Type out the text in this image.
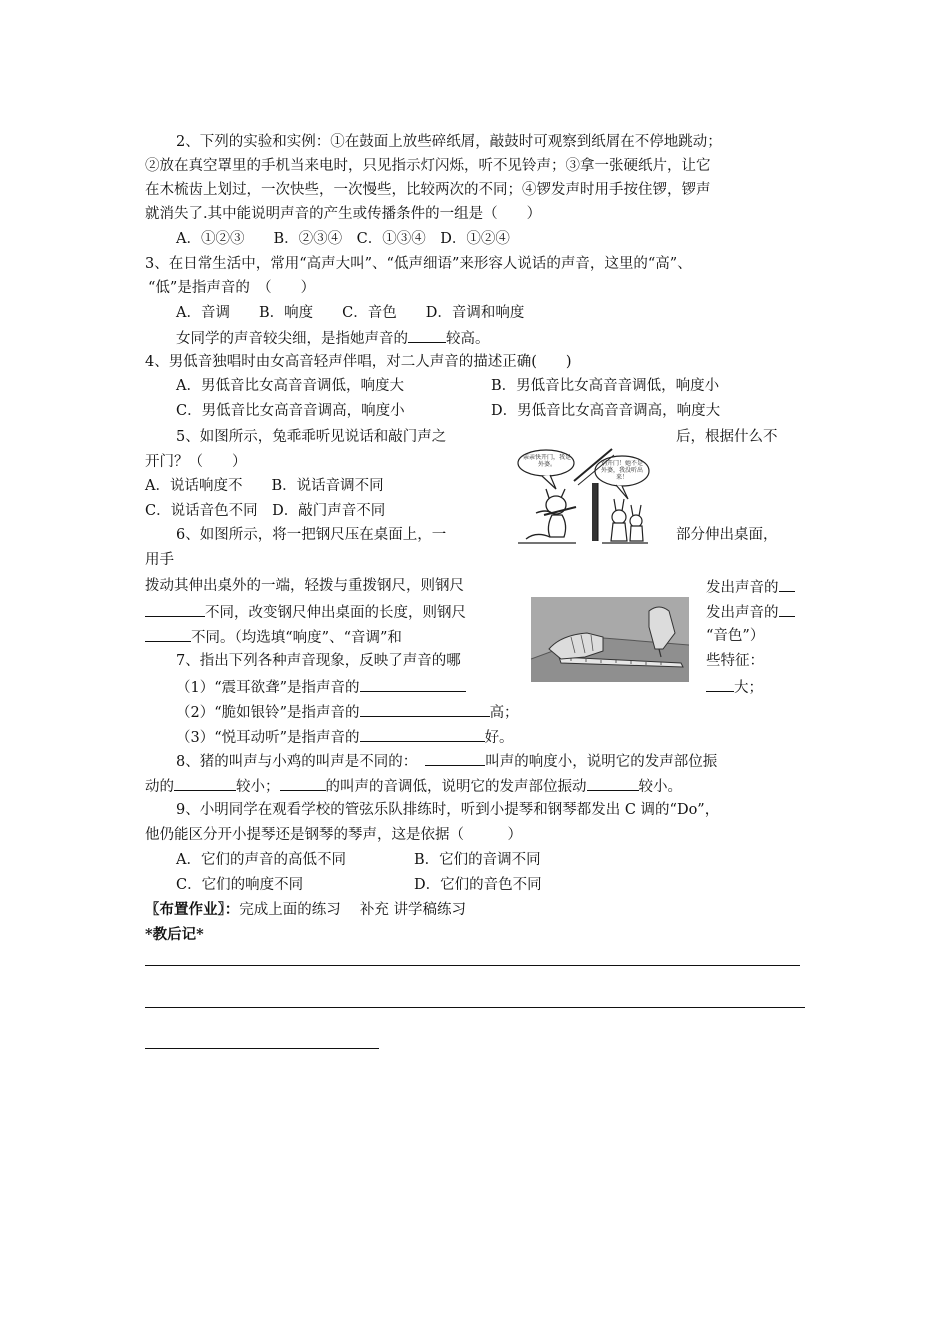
2、下列的实验和实例：①在鼓面上放些碎纸屑，敲鼓时可观察到纸屑在不停地跳动；
②放在真空罩里的手机当来电时，只见指示灯闪烁，听不见铃声；③拿一张硬纸片，让它
在木梳齿上划过，一次快些，一次慢些，比较两次的不同；④锣发声时用手按住锣，锣声
就消失了.其中能说明声音的产生或传播条件的一组是（　　）
A．①②③　　B．②③④　C．①③④　D．①②④
3、在日常生活中，常用“高声大叫”、“低声细语”来形容人说话的声音，这里的“高”、
“低”是指声音的　（　　）
A．音调　　B．响度　　C．音色　　D．音调和响度
女同学的声音较尖细，是指她声音的	较高。
4、男低音独唱时由女高音轻声伴唱，对二人声音的描述正确(　　)
A．男低音比女高音音调低，响度大	B．男低音比女高音音调低，响度小
C．男低音比女高音音调高，响度小	D．男低音比女高音音调高，响度大
5、如图所示，兔乖乖听见说话和敲门声之	后，根据什么不
开门？（　　）
A．说话响度不　　B．说话音调不同
C．说话音色不同　D．敲门声音不同
亲亲快开门，我是外婆。	别开门！她不是外婆，我没听出来！
6、如图所示，将一把钢尺压在桌面上，一	部分伸出桌面，
用手
拨动其伸出桌外的一端，轻拨与重拨钢尺，则钢尺	发出声音的
不同，改变钢尺伸出桌面的长度，则钢尺	发出声音的
不同。（均选填“响度”、“音调”和	“音色”）
7、指出下列各种声音现象，反映了声音的哪	些特征：
（1）“震耳欲聋”是指声音的	大；
（2）“脆如银铃”是指声音的	高；
（3）“悦耳动听”是指声音的	好。
8、猪的叫声与小鸡的叫声是不同的：	叫声的响度小，说明它的发声部位振
动的	较小；	的叫声的音调低，说明它的发声部位振动	较小。
9、小明同学在观看学校的管弦乐队排练时，听到小提琴和钢琴都发出 C 调的“Do”，
他仍能区分开小提琴还是钢琴的琴声，这是依据（　　　）
A．它们的声音的高低不同	B．它们的音调不同
C．它们的响度不同	D．它们的音色不同
〖布置作业〗：完成上面的练习　 补充 讲学稿练习
*教后记*
